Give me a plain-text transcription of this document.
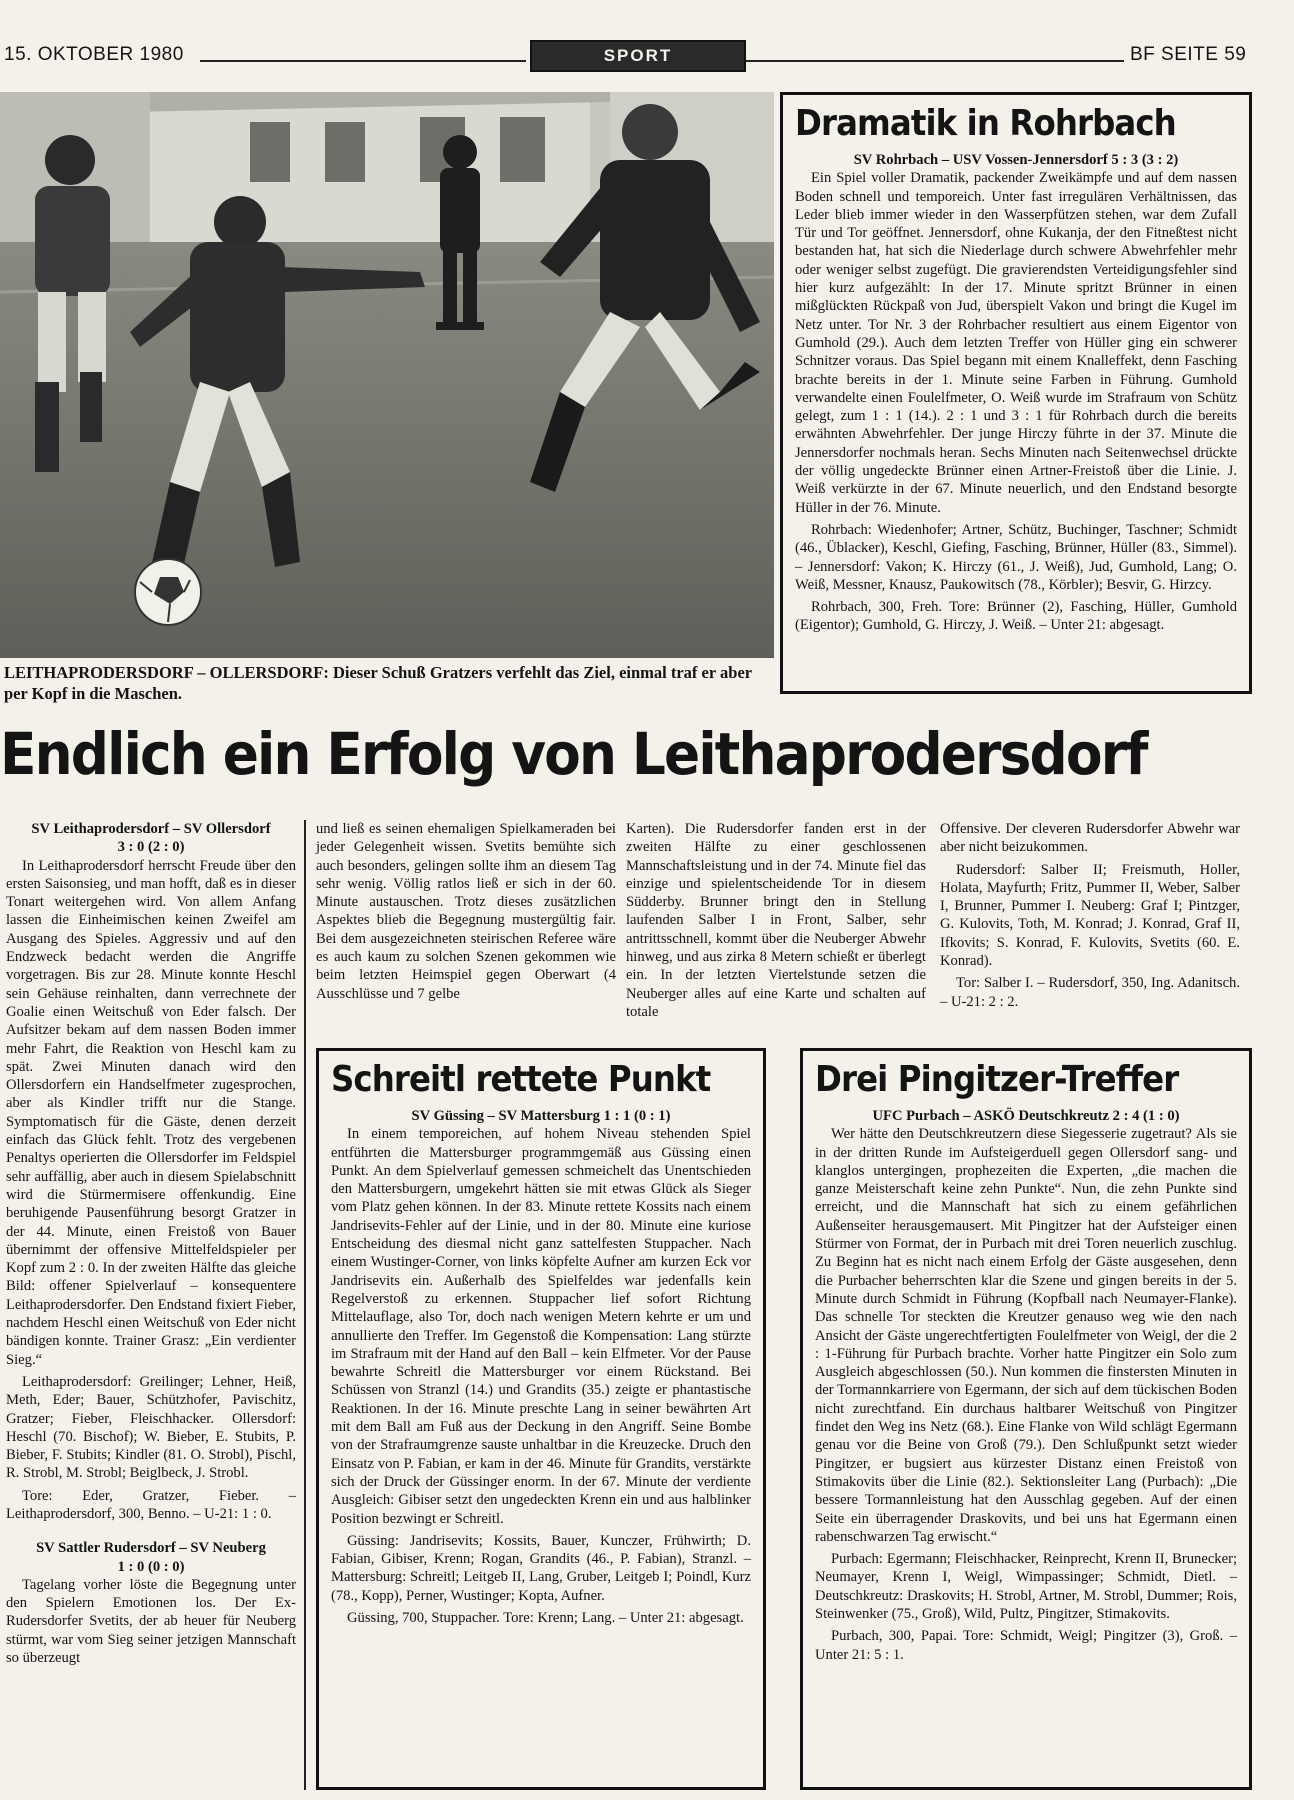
15. OKTOBER 1980	SPORT	BF SEITE 59
LEITHAPRODERSDORF – OLLERSDORF: Dieser Schuß Gratzers verfehlt das Ziel, einmal traf er aber per Kopf in die Maschen.
Endlich ein Erfolg von Leithaprodersdorf

SV Leithaprodersdorf – SV Ollersdorf

3 : 0 (2 : 0)

In Leithaprodersdorf herrscht Freude über den ersten Saisonsieg, und man hofft, daß es in dieser Tonart weitergehen wird. Von allem Anfang lassen die Einheimischen keinen Zweifel am Ausgang des Spieles. Aggressiv und auf den Endzweck bedacht werden die Angriffe vorgetragen. Bis zur 28. Minute konnte Heschl sein Gehäuse reinhalten, dann verrechnete der Goalie einen Weitschuß von Eder falsch. Der Aufsitzer bekam auf dem nassen Boden immer mehr Fahrt, die Reaktion von Heschl kam zu spät. Zwei Minuten danach wird den Ollersdorfern ein Handselfmeter zugesprochen, aber als Kindler trifft nur die Stange. Symptomatisch für die Gäste, denen derzeit einfach das Glück fehlt. Trotz des vergebenen Penaltys operierten die Ollersdorfer im Feldspiel sehr auffällig, aber auch in diesem Spielabschnitt wird die Stürmermisere offenkundig. Eine beruhigende Pausenführung besorgt Gratzer in der 44. Minute, einen Freistoß von Bauer übernimmt der offensive Mittelfeldspieler per Kopf zum 2 : 0. In der zweiten Hälfte das gleiche Bild: offener Spielverlauf – konsequentere Leithaprodersdorfer. Den Endstand fixiert Fieber, nachdem Heschl einen Weitschuß von Eder nicht bändigen konnte. Trainer Grasz: „Ein verdienter Sieg.“

Leithaprodersdorf: Greilinger; Lehner, Heiß, Meth, Eder; Bauer, Schützhofer, Pavischitz, Gratzer; Fieber, Fleischhacker. Ollersdorf: Heschl (70. Bischof); W. Bieber, E. Stubits, P. Bieber, F. Stubits; Kindler (81. O. Strobl), Pischl, R. Strobl, M. Strobl; Beiglbeck, J. Strobl.

Tore: Eder, Gratzer, Fieber. – Leithaprodersdorf, 300, Benno. – U-21: 1 : 0.

SV Sattler Rudersdorf – SV Neuberg

1 : 0 (0 : 0)

Tagelang vorher löste die Begegnung unter den Spielern Emotionen los. Der Ex-Rudersdorfer Svetits, der ab heuer für Neuberg stürmt, war vom Sieg seiner jetzigen Mannschaft so überzeugt

und ließ es seinen ehemaligen Spielkameraden bei jeder Gelegenheit wissen. Svetits bemühte sich auch besonders, gelingen sollte ihm an diesem Tag sehr wenig. Völlig ratlos ließ er sich in der 60. Minute austauschen. Trotz dieses zusätzlichen Aspektes blieb die Begegnung mustergültig fair. Bei dem ausgezeichneten steirischen Referee wäre es auch kaum zu solchen Szenen gekommen wie beim letzten Heimspiel gegen Oberwart (4 Ausschlüsse und 7 gelbe

Karten). Die Rudersdorfer fanden erst in der zweiten Hälfte zu einer geschlossenen Mannschaftsleistung und in der 74. Minute fiel das einzige und spielentscheidende Tor in diesem Südderby. Brunner bringt den in Stellung laufenden Salber I in Front, Salber, sehr antrittsschnell, kommt über die Neuberger Abwehr hinweg, und aus zirka 8 Metern schießt er überlegt ein. In der letzten Viertelstunde setzen die Neuberger alles auf eine Karte und schalten auf totale

Offensive. Der cleveren Rudersdorfer Abwehr war aber nicht beizukommen.

Rudersdorf: Salber II; Freismuth, Holler, Holata, Mayfurth; Fritz, Pummer II, Weber, Salber I, Brunner, Pummer I. Neuberg: Graf I; Pintzger, G. Kulovits, Toth, M. Konrad; J. Konrad, Graf II, Ifkovits; S. Konrad, F. Kulovits, Svetits (60. E. Konrad).

Tor: Salber I. – Rudersdorf, 350, Ing. Adanitsch. – U-21: 2 : 2.

Dramatik in Rohrbach

SV Rohrbach – USV Vossen-Jennersdorf 5 : 3 (3 : 2)

Ein Spiel voller Dramatik, packender Zweikämpfe und auf dem nassen Boden schnell und temporeich. Unter fast irregulären Verhältnissen, das Leder blieb immer wieder in den Wasserpfützen stehen, war dem Zufall Tür und Tor geöffnet. Jennersdorf, ohne Kukanja, der den Fitneßtest nicht bestanden hat, hat sich die Niederlage durch schwere Abwehrfehler mehr oder weniger selbst zugefügt. Die gravierendsten Verteidigungsfehler sind hier kurz aufgezählt: In der 17. Minute spritzt Brünner in einen mißglückten Rückpaß von Jud, überspielt Vakon und bringt die Kugel im Netz unter. Tor Nr. 3 der Rohrbacher resultiert aus einem Eigentor von Gumhold (29.). Auch dem letzten Treffer von Hüller ging ein schwerer Schnitzer voraus. Das Spiel begann mit einem Knalleffekt, denn Fasching brachte bereits in der 1. Minute seine Farben in Führung. Gumhold verwandelte einen Foulelfmeter, O. Weiß wurde im Strafraum von Schütz gelegt, zum 1 : 1 (14.). 2 : 1 und 3 : 1 für Rohrbach durch die bereits erwähnten Abwehrfehler. Der junge Hirczy führte in der 37. Minute die Jennersdorfer nochmals heran. Sechs Minuten nach Seitenwechsel drückte der völlig ungedeckte Brünner einen Artner-Freistoß über die Linie. J. Weiß verkürzte in der 67. Minute neuerlich, und den Endstand besorgte Hüller in der 76. Minute.

Rohrbach: Wiedenhofer; Artner, Schütz, Buchinger, Taschner; Schmidt (46., Üblacker), Keschl, Giefing, Fasching, Brünner, Hüller (83., Simmel). – Jennersdorf: Vakon; K. Hirczy (61., J. Weiß), Jud, Gumhold, Lang; O. Weiß, Messner, Knausz, Paukowitsch (78., Körbler); Besvir, G. Hirzcy.

Rohrbach, 300, Freh. Tore: Brünner (2), Fasching, Hüller, Gumhold (Eigentor); Gumhold, G. Hirczy, J. Weiß. – Unter 21: abgesagt.

Schreitl rettete Punkt

SV Güssing – SV Mattersburg 1 : 1 (0 : 1)

In einem temporeichen, auf hohem Niveau stehenden Spiel entführten die Mattersburger programmgemäß aus Güssing einen Punkt. An dem Spielverlauf gemessen schmeichelt das Unentschieden den Mattersburgern, umgekehrt hätten sie mit etwas Glück als Sieger vom Platz gehen können. In der 83. Minute rettete Kossits nach einem Jandrisevits-Fehler auf der Linie, und in der 80. Minute eine kuriose Entscheidung des diesmal nicht ganz sattelfesten Stuppacher. Nach einem Wustinger-Corner, von links köpfelte Aufner am kurzen Eck vor Jandrisevits ein. Außerhalb des Spielfeldes war jedenfalls kein Regelverstoß zu erkennen. Stuppacher lief sofort Richtung Mittelauflage, also Tor, doch nach wenigen Metern kehrte er um und annullierte den Treffer. Im Gegenstoß die Kompensation: Lang stürzte im Strafraum mit der Hand auf den Ball – kein Elfmeter. Vor der Pause bewahrte Schreitl die Mattersburger vor einem Rückstand. Bei Schüssen von Stranzl (14.) und Grandits (35.) zeigte er phantastische Reaktionen. In der 16. Minute preschte Lang in seiner bewährten Art mit dem Ball am Fuß aus der Deckung in den Angriff. Seine Bombe von der Strafraumgrenze sauste unhaltbar in die Kreuzecke. Druch den Einsatz von P. Fabian, er kam in der 46. Minute für Grandits, verstärkte sich der Druck der Güssinger enorm. In der 67. Minute der verdiente Ausgleich: Gibiser setzt den ungedeckten Krenn ein und aus halblinker Position bezwingt er Schreitl.

Güssing: Jandrisevits; Kossits, Bauer, Kunczer, Frühwirth; D. Fabian, Gibiser, Krenn; Rogan, Grandits (46., P. Fabian), Stranzl. – Mattersburg: Schreitl; Leitgeb II, Lang, Gruber, Leitgeb I; Poindl, Kurz (78., Kopp), Perner, Wustinger; Kopta, Aufner.

Güssing, 700, Stuppacher. Tore: Krenn; Lang. – Unter 21: abgesagt.

Drei Pingitzer-Treffer

UFC Purbach – ASKÖ Deutschkreutz 2 : 4 (1 : 0)

Wer hätte den Deutschkreutzern diese Siegesserie zugetraut? Als sie in der dritten Runde im Aufsteigerduell gegen Ollersdorf sang- und klanglos untergingen, prophezeiten die Experten, „die machen die ganze Meisterschaft keine zehn Punkte“. Nun, die zehn Punkte sind erreicht, und die Mannschaft hat sich zu einem gefährlichen Außenseiter herausgemausert. Mit Pingitzer hat der Aufsteiger einen Stürmer von Format, der in Purbach mit drei Toren neuerlich zuschlug. Zu Beginn hat es nicht nach einem Erfolg der Gäste ausgesehen, denn die Purbacher beherrschten klar die Szene und gingen bereits in der 5. Minute durch Schmidt in Führung (Kopfball nach Neumayer-Flanke). Das schnelle Tor steckten die Kreutzer genauso weg wie den nach Ansicht der Gäste ungerechtfertigten Foulelfmeter von Weigl, der die 2 : 1-Führung für Purbach brachte. Vorher hatte Pingitzer ein Solo zum Ausgleich abgeschlossen (50.). Nun kommen die finstersten Minuten in der Tormannkarriere von Egermann, der sich auf dem tückischen Boden nicht zurechtfand. Ein durchaus haltbarer Weitschuß von Pingitzer findet den Weg ins Netz (68.). Eine Flanke von Wild schlägt Egermann genau vor die Beine von Groß (79.). Den Schlußpunkt setzt wieder Pingitzer, er bugsiert aus kürzester Distanz einen Freistoß von Stimakovits über die Linie (82.). Sektionsleiter Lang (Purbach): „Die bessere Tormannleistung hat den Ausschlag gegeben. Auf der einen Seite ein überragender Draskovits, und bei uns hat Egermann einen rabenschwarzen Tag erwischt.“

Purbach: Egermann; Fleischhacker, Reinprecht, Krenn II, Brunecker; Neumayer, Krenn I, Weigl, Wimpassinger; Schmidt, Dietl. – Deutschkreutz: Draskovits; H. Strobl, Artner, M. Strobl, Dummer; Rois, Steinwenker (75., Groß), Wild, Pultz, Pingitzer, Stimakovits.

Purbach, 300, Papai. Tore: Schmidt, Weigl; Pingitzer (3), Groß. – Unter 21: 5 : 1.
